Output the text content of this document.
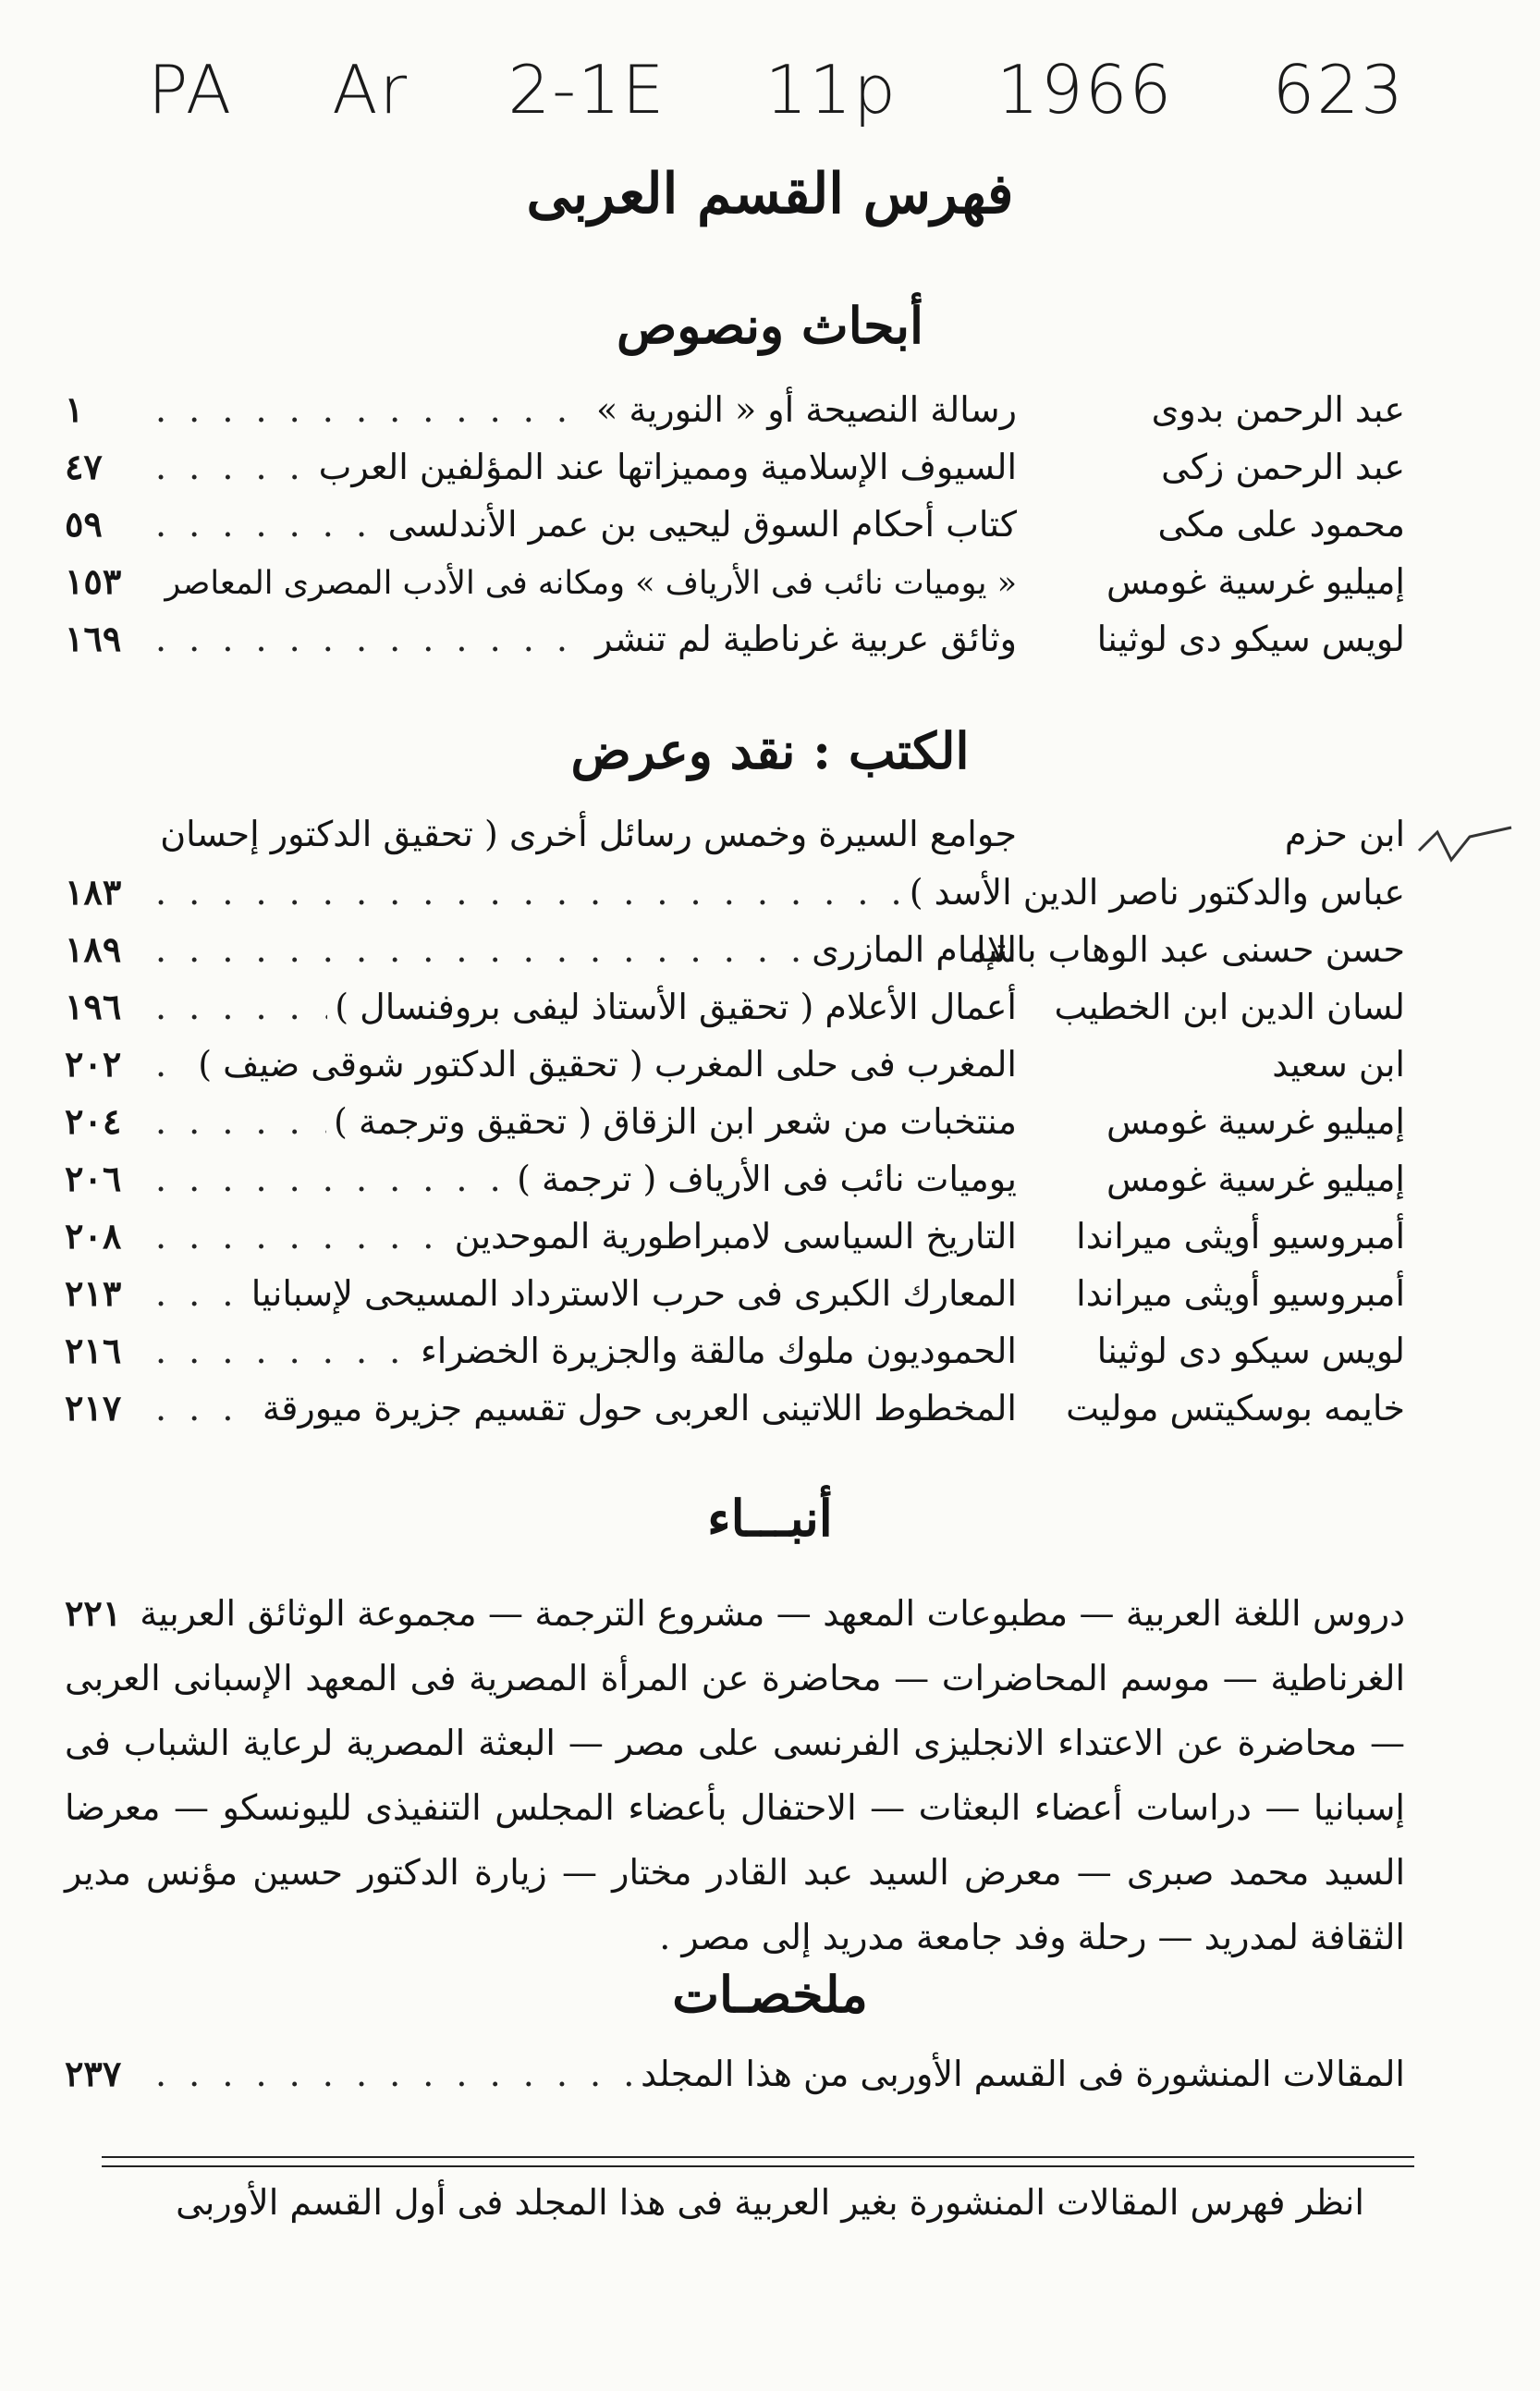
PA Ar 2-1E 11p 1966 623
فهرس القسم العربى
أبحاث ونصوص
عبد الرحمن بدوى
رسالة النصيحة أو « النورية »
. . .
١
عبد الرحمن زكى
السيوف الإسلامية ومميزاتها عند المؤلفين العرب
. . .
٤٧
محمود على مكى
كتاب أحكام السوق ليحيى بن عمر الأندلسى
. . .
٥٩
إميليو غرسية غومس
« يوميات نائب فى الأرياف » ومكانه فى الأدب المصرى المعاصر
. . .
١٥٣
لويس سيكو دى لوثينا
وثائق عربية غرناطية لم تنشر
. . .
١٦٩
الكتب : نقد وعرض
ابن حزم
جوامع السيرة وخمس رسائل أخرى ( تحقيق الدكتور إحسان
عباس والدكتور ناصر الدين الأسد )
. . .
١٨٣
حسن حسنى عبد الوهاب باشا
الإمام المازرى
. . .
١٨٩
لسان الدين ابن الخطيب
أعمال الأعلام ( تحقيق الأستاذ ليفى بروفنسال )
. . .
١٩٦
ابن سعيد
المغرب فى حلى المغرب ( تحقيق الدكتور شوقى ضيف )
. . .
٢٠٢
إميليو غرسية غومس
منتخبات من شعر ابن الزقاق ( تحقيق وترجمة )
. . .
٢٠٤
إميليو غرسية غومس
يوميات نائب فى الأرياف ( ترجمة )
. . .
٢٠٦
أمبروسيو أويثى ميراندا
التاريخ السياسى لامبراطورية الموحدين
. . .
٢٠٨
أمبروسيو أويثى ميراندا
المعارك الكبرى فى حرب الاسترداد المسيحى لإسبانيا
. . .
٢١٣
لويس سيكو دى لوثينا
الحموديون ملوك مالقة والجزيرة الخضراء
. . .
٢١٦
خايمه بوسكيتس موليت
المخطوط اللاتينى العربى حول تقسيم جزيرة ميورقة
. . .
٢١٧
أنبـــاء
٢٢١ دروس اللغة العربية — مطبوعات المعهد — مشروع الترجمة — مجموعة الوثائق العربية الغرناطية — موسم المحاضرات — محاضرة عن المرأة المصرية فى المعهد الإسبانى العربى — محاضرة عن الاعتداء الانجليزى الفرنسى على مصر — البعثة المصرية لرعاية الشباب فى إسبانيا — دراسات أعضاء البعثات — الاحتفال بأعضاء المجلس التنفيذى لليونسكو — معرضا السيد محمد صبرى — معرض السيد عبد القادر مختار — زيارة الدكتور حسين مؤنس مدير الثقافة لمدريد — رحلة وفد جامعة مدريد إلى مصر .
ملخصـات
المقالات المنشورة فى القسم الأوربى من هذا المجلد
. . .
٢٣٧
انظر فهرس المقالات المنشورة بغير العربية فى هذا المجلد فى أول القسم الأوربى
